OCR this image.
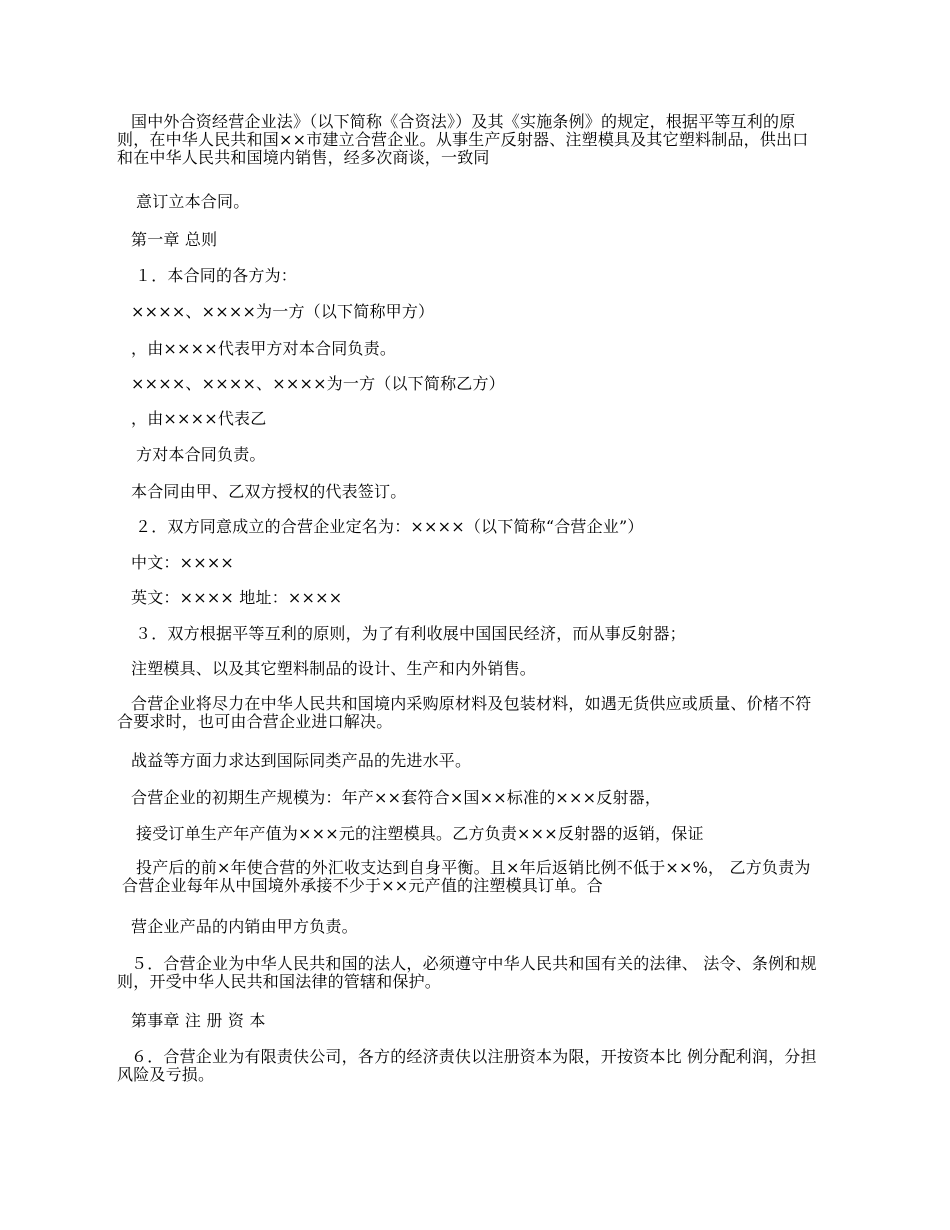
国中外合资经营企业法》（以下简称《合资法》）及其《实施条例》的规定，根据平等互利的原则，在中华人民共和国××市建立合营企业。从事生产反射器、注塑模具及其它塑料制品，供出口和在中华人民共和国境内销售，经多次商谈，一致同
意订立本合同。
第一章 总则
１．本合同的各方为：
××××、××××为一方（以下简称甲方）
，由××××代表甲方对本合同负责。
××××、××××、××××为一方（以下简称乙方）
，由××××代表乙
方对本合同负责。
本合同由甲、乙双方授权的代表签订。
２．双方同意成立的合营企业定名为：××××（以下简称“合营企业”）
中文：××××
英文：×××× 地址：××××
３．双方根据平等互利的原则，为了有利收展中国国民经济，而从事反射器；
注塑模具、以及其它塑料制品的设计、生产和内外销售。
合营企业将尽力在中华人民共和国境内采购原材料及包装材料，如遇无货供应或质量、价楮不符合要求时，也可由合营企业进口解决。
战益等方面力求达到国际同类产品的先进水平。
合营企业的初期生产规模为：年产××套符合×国××标准的×××反射器，
接受订单生产年产值为×××元的注塑模具。乙方负责×××反射器的返销，保证
投产后的前×年使合营的外汇收支达到自身平衡。且×年后返销比例不低于××%， 乙方负责为合营企业每年从中国境外承接不少于××元产值的注塑模具订单。合
营企业产品的内销由甲方负责。
５．合营企业为中华人民共和国的法人，必须遵守中华人民共和国有关的法律、 法令、条例和规则，开受中华人民共和国法律的管辖和保护。
第事章 注 册 资 本
６．合营企业为有限责伕公司，各方的经济责伕以注册资本为限，开按资本比 例分配利润，分担风险及亏损。
